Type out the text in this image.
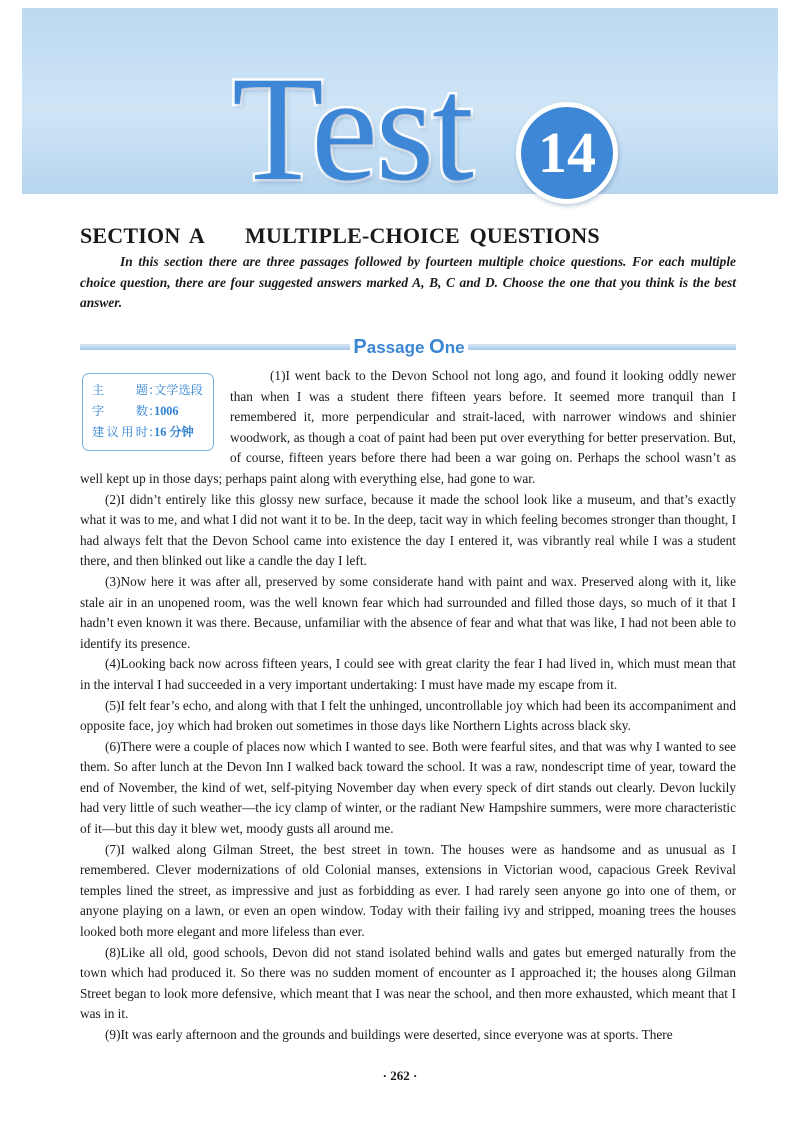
Test	14
SECTION A MULTIPLE-CHOICE QUESTIONS
In this section there are three passages followed by fourteen multiple choice questions. For each multiple choice question, there are four suggested answers marked A, B, C and D. Choose the one that you think is the best answer.
Passage One
主题:文学选段
字数:1006
建议用时:16 分钟

(1)I went back to the Devon School not long ago, and found it looking oddly newer than when I was a student there fifteen years before. It seemed more tranquil than I remembered it, more perpendicular and strait-laced, with narrower windows and shinier woodwork, as though a coat of paint had been put over everything for better preservation. But, of course, fifteen years before there had been a war going on. Perhaps the school wasn’t as well kept up in those days; perhaps paint along with everything else, had gone to war.

(2)I didn’t entirely like this glossy new surface, because it made the school look like a museum, and that’s exactly what it was to me, and what I did not want it to be. In the deep, tacit way in which feeling becomes stronger than thought, I had always felt that the Devon School came into existence the day I entered it, was vibrantly real while I was a student there, and then blinked out like a candle the day I left.

(3)Now here it was after all, preserved by some considerate hand with paint and wax. Preserved along with it, like stale air in an unopened room, was the well known fear which had surrounded and filled those days, so much of it that I hadn’t even known it was there. Because, unfamiliar with the absence of fear and what that was like, I had not been able to identify its presence.

(4)Looking back now across fifteen years, I could see with great clarity the fear I had lived in, which must mean that in the interval I had succeeded in a very important undertaking: I must have made my escape from it.

(5)I felt fear’s echo, and along with that I felt the unhinged, uncontrollable joy which had been its accompaniment and opposite face, joy which had broken out sometimes in those days like Northern Lights across black sky.

(6)There were a couple of places now which I wanted to see. Both were fearful sites, and that was why I wanted to see them. So after lunch at the Devon Inn I walked back toward the school. It was a raw, nondescript time of year, toward the end of November, the kind of wet, self-pitying November day when every speck of dirt stands out clearly. Devon luckily had very little of such weather—the icy clamp of winter, or the radiant New Hampshire summers, were more characteristic of it—but this day it blew wet, moody gusts all around me.

(7)I walked along Gilman Street, the best street in town. The houses were as handsome and as unusual as I remembered. Clever modernizations of old Colonial manses, extensions in Victorian wood, capacious Greek Revival temples lined the street, as impressive and just as forbidding as ever. I had rarely seen anyone go into one of them, or anyone playing on a lawn, or even an open window. Today with their failing ivy and stripped, moaning trees the houses looked both more elegant and more lifeless than ever.

(8)Like all old, good schools, Devon did not stand isolated behind walls and gates but emerged naturally from the town which had produced it. So there was no sudden moment of encounter as I approached it; the houses along Gilman Street began to look more defensive, which meant that I was near the school, and then more exhausted, which meant that I was in it.

(9)It was early afternoon and the grounds and buildings were deserted, since everyone was at sports. There

· 262 ·
